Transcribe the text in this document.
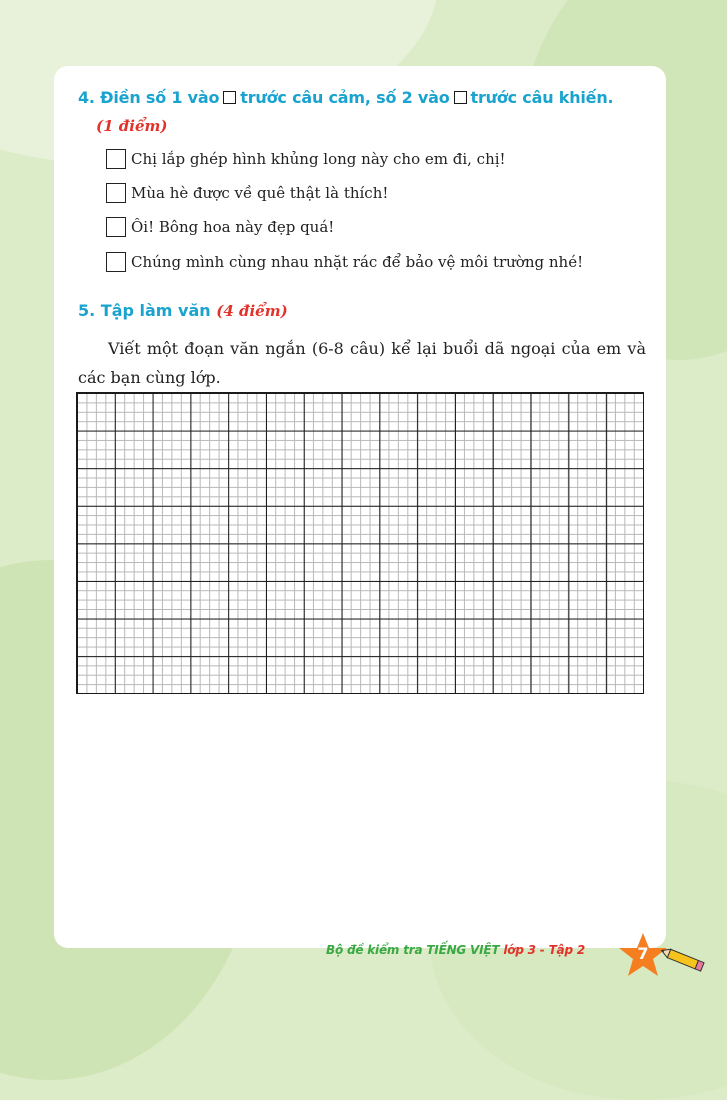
4. Điền số 1 vào trước câu cảm, số 2 vào trước câu khiến.
(1 điểm)
Chị lắp ghép hình khủng long này cho em đi, chị!
Mùa hè được về quê thật là thích!
Ôi! Bông hoa này đẹp quá!
Chúng mình cùng nhau nhặt rác để bảo vệ môi trường nhé!
5. Tập làm văn (4 điểm)
Viết một đoạn văn ngắn (6-8 câu) kể lại buổi dã ngoại của em và các bạn cùng lớp.
Bộ đề kiểm tra TIẾNG VIỆT lớp 3 - Tập 2	7
